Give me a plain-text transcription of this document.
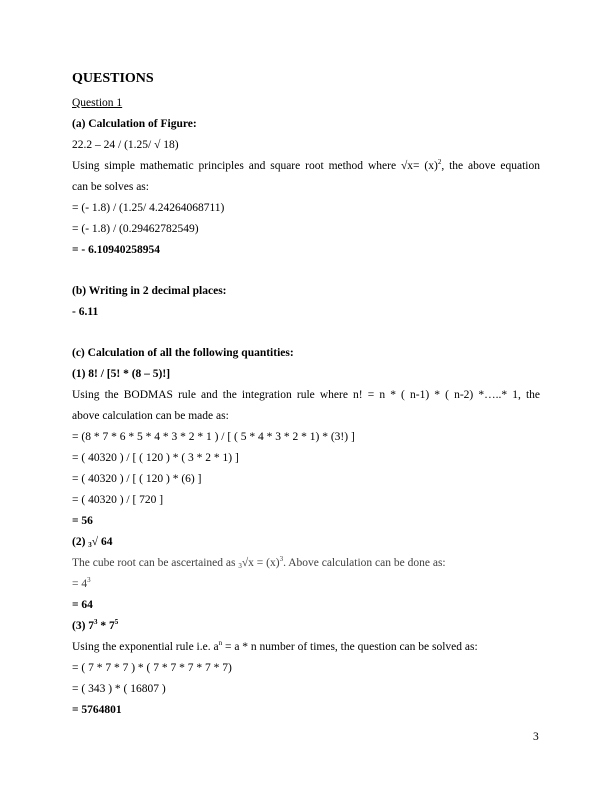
QUESTIONS
Question 1
(a) Calculation of Figure:
22.2 – 24 / (1.25/ √ 18)
Using simple mathematic principles and square root method where $√x= (x)^2$, the above equation
can be solves as:
= (- 1.8) / (1.25/ 4.24264068711)
= (- 1.8) / (0.29462782549)
= - 6.10940258954
(b) Writing in 2 decimal places:
- 6.11
(c) Calculation of all the following quantities:
(1) 8! / [5! * (8 – 5)!]
Using the BODMAS rule and the integration rule where n! = n * ( n-1) * ( n-2) *…..* 1, the
above calculation can be made as:
= (8 * 7 * 6 * 5 * 4 * 3 * 2 * 1 ) / [ ( 5 * 4 * 3 * 2 * 1) * (3!) ]
= ( 40320 ) / [ ( 120 ) * ( 3 * 2 * 1) ]
= ( 40320 ) / [ ( 120 ) * (6) ]
= ( 40320 ) / [ 720 ]
= 56
(2) $_3$√ 64
The cube root can be ascertained as $_3√x = (x)^3$. Above calculation can be done as:
= $4^3$
= 64
(3) $7^3 * 7^5$
Using the exponential rule i.e. $a^n = a * n$ number of times, the question can be solved as:
= ( 7 * 7 * 7 ) * ( 7 * 7 * 7 * 7 * 7)
= ( 343 ) * ( 16807 )
= 5764801
3
